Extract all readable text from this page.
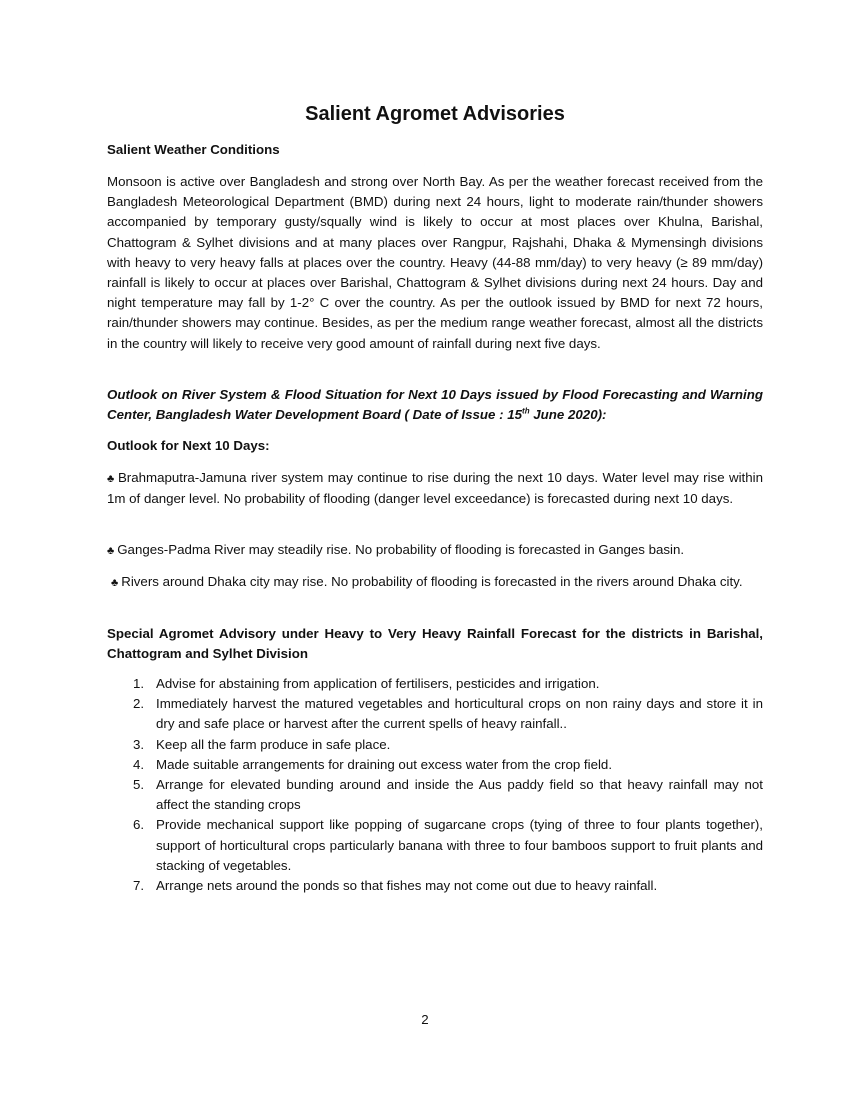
Salient Agromet Advisories

Salient Weather Conditions

Monsoon is active over Bangladesh and strong over North Bay. As per the weather forecast received from the Bangladesh Meteorological Department (BMD) during next 24 hours, light to moderate rain/thunder showers accompanied by temporary gusty/squally wind is likely to occur at most places over Khulna, Barishal, Chattogram & Sylhet divisions and at many places over Rangpur, Rajshahi, Dhaka & Mymensingh divisions with heavy to very heavy falls at places over the country. Heavy (44-88 mm/day) to very heavy (≥ 89 mm/day) rainfall is likely to occur at places over Barishal, Chattogram & Sylhet divisions during next 24 hours. Day and night temperature may fall by 1-2° C over the country. As per the outlook issued by BMD for next 72 hours, rain/thunder showers may continue. Besides, as per the medium range weather forecast, almost all the districts in the country will likely to receive very good amount of rainfall during next five days.

Outlook on River System & Flood Situation for Next 10 Days issued by Flood Forecasting and Warning Center, Bangladesh Water Development Board ( Date of Issue : 15th June 2020):

Outlook for Next 10 Days:

♣ Brahmaputra-Jamuna river system may continue to rise during the next 10 days. Water level may rise within 1m of danger level. No probability of flooding (danger level exceedance) is forecasted during next 10 days.

♣ Ganges-Padma River may steadily rise. No probability of flooding is forecasted in Ganges basin.

♣ Rivers around Dhaka city may rise. No probability of flooding is forecasted in the rivers around Dhaka city.

Special Agromet Advisory under Heavy to Very Heavy Rainfall Forecast for the districts in Barishal, Chattogram and Sylhet Division

1. Advise for abstaining from application of fertilisers, pesticides and irrigation.
2. Immediately harvest the matured vegetables and horticultural crops on non rainy days and store it in dry and safe place or harvest after the current spells of heavy rainfall..
3. Keep all the farm produce in safe place.
4. Made suitable arrangements for draining out excess water from the crop field.
5. Arrange for elevated bunding around and inside the Aus paddy field so that heavy rainfall may not affect the standing crops
6. Provide mechanical support like popping of sugarcane crops (tying of three to four plants together), support of horticultural crops particularly banana with three to four bamboos support to fruit plants and stacking of vegetables.
7. Arrange nets around the ponds so that fishes may not come out due to heavy rainfall.
2
